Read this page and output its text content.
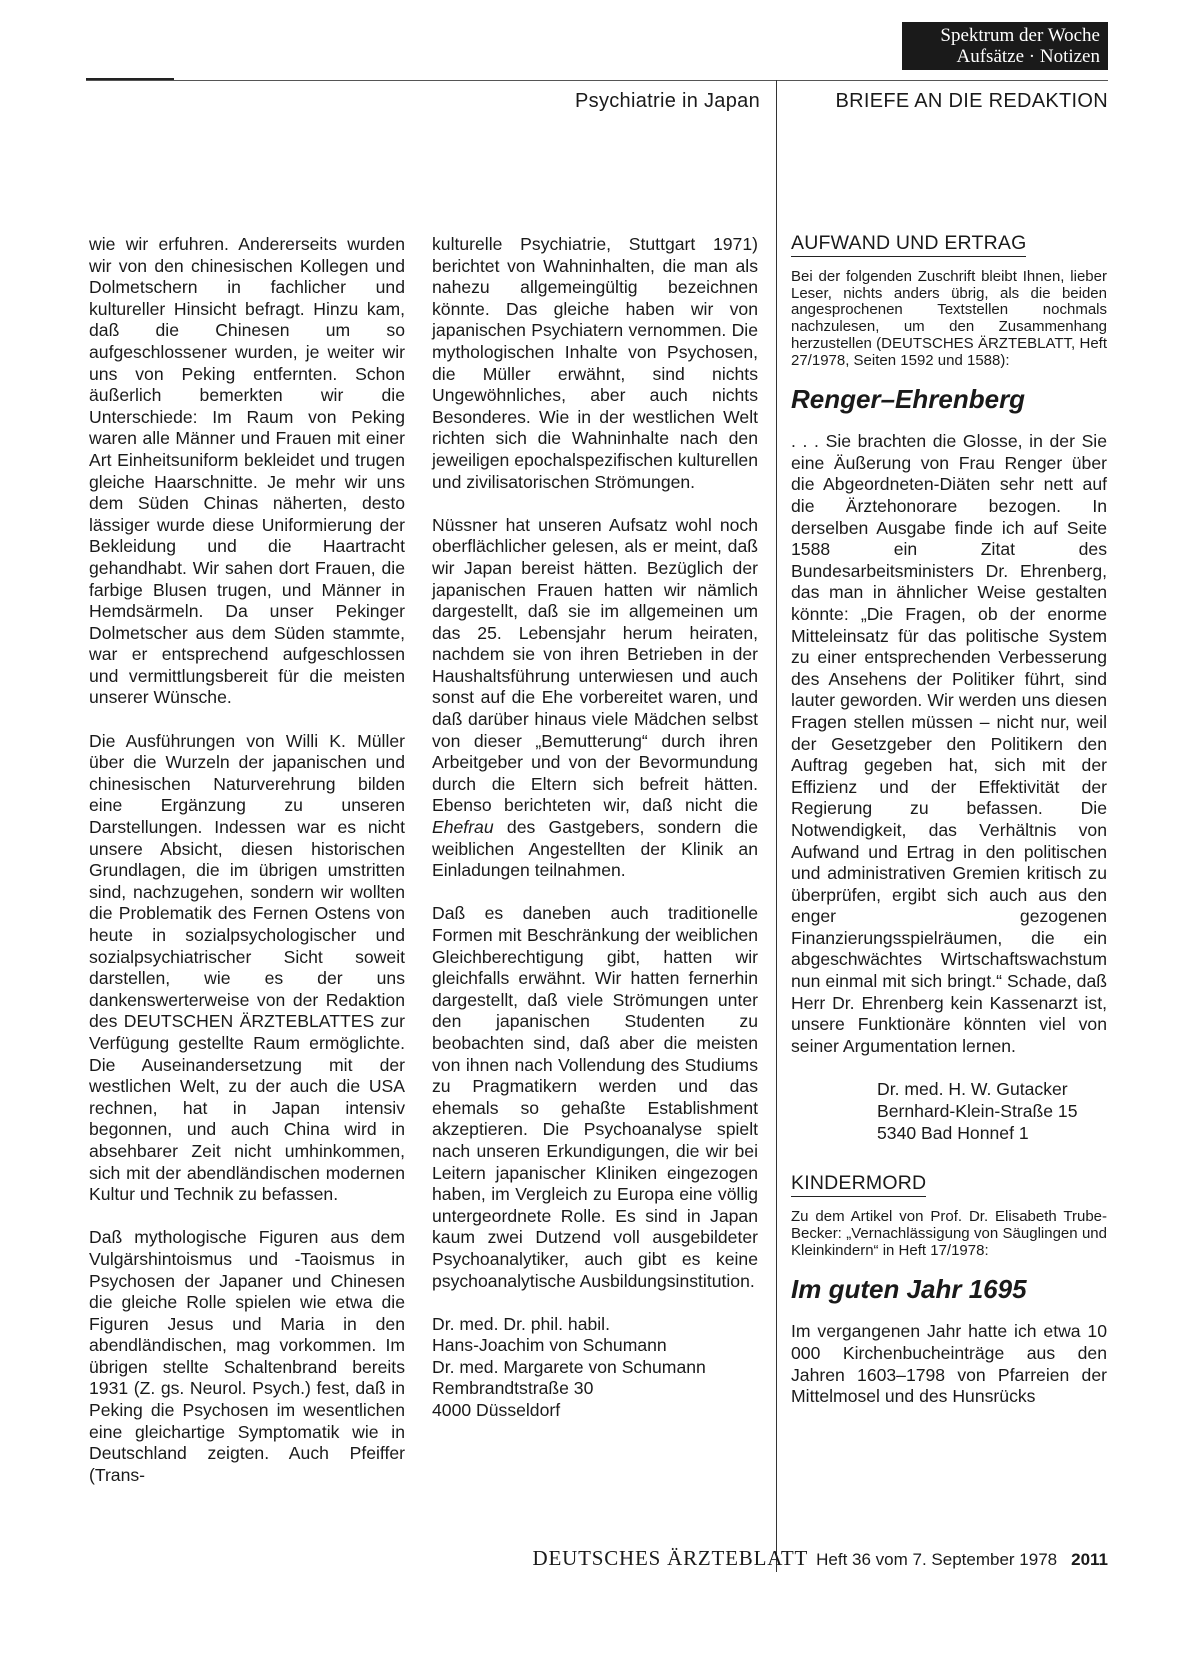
Spektrum der Woche
Aufsätze · Notizen
Psychiatrie in Japan	BRIEFE AN DIE REDAKTION

wie wir erfuhren. Andererseits wurden wir von den chinesischen Kollegen und Dolmetschern in fachlicher und kultureller Hinsicht befragt. Hinzu kam, daß die Chinesen um so aufgeschlossener wurden, je weiter wir uns von Peking entfernten. Schon äußerlich bemerkten wir die Unterschiede: Im Raum von Peking waren alle Männer und Frauen mit einer Art Einheitsuniform bekleidet und trugen gleiche Haarschnitte. Je mehr wir uns dem Süden Chinas näherten, desto lässiger wurde diese Uniformierung der Bekleidung und die Haartracht gehandhabt. Wir sahen dort Frauen, die farbige Blusen trugen, und Männer in Hemdsärmeln. Da unser Pekinger Dolmetscher aus dem Süden stammte, war er entsprechend aufgeschlossen und vermittlungsbereit für die meisten unserer Wünsche.

Die Ausführungen von Willi K. Müller über die Wurzeln der japanischen und chinesischen Naturverehrung bilden eine Ergänzung zu unseren Darstellungen. Indessen war es nicht unsere Absicht, diesen historischen Grundlagen, die im übrigen umstritten sind, nachzugehen, sondern wir wollten die Problematik des Fernen Ostens von heute in sozialpsychologischer und sozialpsychiatrischer Sicht soweit darstellen, wie es der uns dankenswerterweise von der Redaktion des DEUTSCHEN ÄRZTEBLATTES zur Verfügung gestellte Raum ermöglichte. Die Auseinandersetzung mit der westlichen Welt, zu der auch die USA rechnen, hat in Japan intensiv begonnen, und auch China wird in absehbarer Zeit nicht umhinkommen, sich mit der abendländischen modernen Kultur und Technik zu befassen.

Daß mythologische Figuren aus dem Vulgärshintoismus und -Taoismus in Psychosen der Japaner und Chinesen die gleiche Rolle spielen wie etwa die Figuren Jesus und Maria in den abendländischen, mag vorkommen. Im übrigen stellte Schaltenbrand bereits 1931 (Z. gs. Neurol. Psych.) fest, daß in Peking die Psychosen im wesentlichen eine gleichartige Symptomatik wie in Deutschland zeigten. Auch Pfeiffer (Trans-

kulturelle Psychiatrie, Stuttgart 1971) berichtet von Wahninhalten, die man als nahezu allgemeingültig bezeichnen könnte. Das gleiche haben wir von japanischen Psychiatern vernommen. Die mythologischen Inhalte von Psychosen, die Müller erwähnt, sind nichts Ungewöhnliches, aber auch nichts Besonderes. Wie in der westlichen Welt richten sich die Wahninhalte nach den jeweiligen epochalspezifischen kulturellen und zivilisatorischen Strömungen.

Nüssner hat unseren Aufsatz wohl noch oberflächlicher gelesen, als er meint, daß wir Japan bereist hätten. Bezüglich der japanischen Frauen hatten wir nämlich dargestellt, daß sie im allgemeinen um das 25. Lebensjahr herum heiraten, nachdem sie von ihren Betrieben in der Haushaltsführung unterwiesen und auch sonst auf die Ehe vorbereitet waren, und daß darüber hinaus viele Mädchen selbst von dieser „Bemutterung“ durch ihren Arbeitgeber und von der Bevormundung durch die Eltern sich befreit hätten. Ebenso berichteten wir, daß nicht die Ehefrau des Gastgebers, sondern die weiblichen Angestellten der Klinik an Einladungen teilnahmen.

Daß es daneben auch traditionelle Formen mit Beschränkung der weiblichen Gleichberechtigung gibt, hatten wir gleichfalls erwähnt. Wir hatten fernerhin dargestellt, daß viele Strömungen unter den japanischen Studenten zu beobachten sind, daß aber die meisten von ihnen nach Vollendung des Studiums zu Pragmatikern werden und das ehemals so gehaßte Establishment akzeptieren. Die Psychoanalyse spielt nach unseren Erkundigungen, die wir bei Leitern japanischer Kliniken eingezogen haben, im Vergleich zu Europa eine völlig untergeordnete Rolle. Es sind in Japan kaum zwei Dutzend voll ausgebildeter Psychoanalytiker, auch gibt es keine psychoanalytische Ausbildungsinstitution.

Dr. med. Dr. phil. habil.
Hans-Joachim von Schumann
Dr. med. Margarete von Schumann
Rembrandtstraße 30
4000 Düsseldorf
AUFWAND UND ERTRAG
Bei der folgenden Zuschrift bleibt Ihnen, lieber Leser, nichts anders übrig, als die beiden angesprochenen Textstellen nochmals nachzulesen, um den Zusammenhang herzustellen (DEUTSCHES ÄRZTEBLATT, Heft 27/1978, Seiten 1592 und 1588):
Renger–Ehrenberg

. . . Sie brachten die Glosse, in der Sie eine Äußerung von Frau Renger über die Abgeordneten-Diäten sehr nett auf die Ärztehonorare bezogen. In derselben Ausgabe finde ich auf Seite 1588 ein Zitat des Bundesarbeitsministers Dr. Ehrenberg, das man in ähnlicher Weise gestalten könnte: „Die Fragen, ob der enorme Mitteleinsatz für das politische System zu einer entsprechenden Verbesserung des Ansehens der Politiker führt, sind lauter geworden. Wir werden uns diesen Fragen stellen müssen – nicht nur, weil der Gesetzgeber den Politikern den Auftrag gegeben hat, sich mit der Effizienz und der Effektivität der Regierung zu befassen. Die Notwendigkeit, das Verhältnis von Aufwand und Ertrag in den politischen und administrativen Gremien kritisch zu überprüfen, ergibt sich auch aus den enger gezogenen Finanzierungsspielräumen, die ein abgeschwächtes Wirtschaftswachstum nun einmal mit sich bringt.“ Schade, daß Herr Dr. Ehrenberg kein Kassenarzt ist, unsere Funktionäre könnten viel von seiner Argumentation lernen.

Dr. med. H. W. Gutacker
Bernhard-Klein-Straße 15
5340 Bad Honnef 1
KINDERMORD
Zu dem Artikel von Prof. Dr. Elisabeth Trube-Becker: „Vernachlässigung von Säuglingen und Kleinkindern“ in Heft 17/1978:
Im guten Jahr 1695

Im vergangenen Jahr hatte ich etwa 10 000 Kirchenbucheinträge aus den Jahren 1603–1798 von Pfarreien der Mittelmosel und des Hunsrücks

DEUTSCHES ÄRZTEBLATT Heft 36 vom 7. September 1978 2011
